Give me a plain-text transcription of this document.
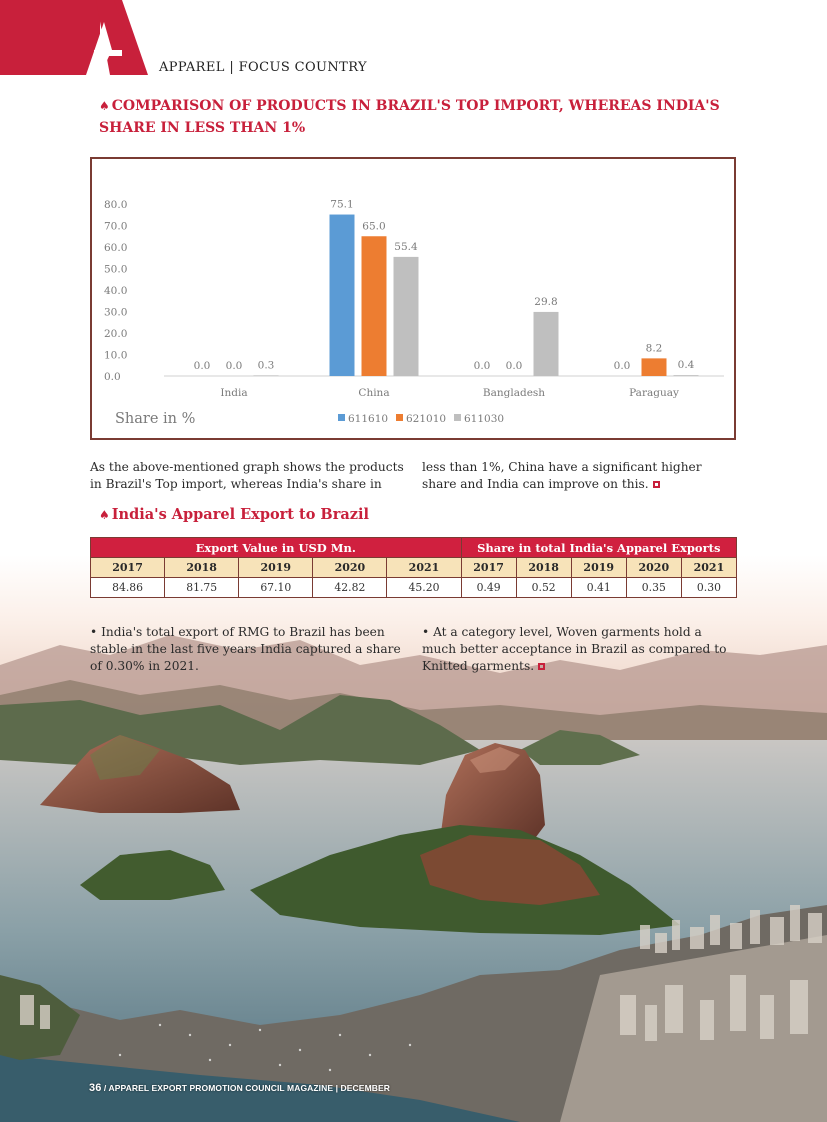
APPAREL | FOCUS COUNTRY
♠ COMPARISON OF PRODUCTS IN BRAZIL'S TOP IMPORT, WHEREAS INDIA'S SHARE IN LESS THAN 1%
0.0
10.0
20.0
30.0
40.0
50.0
60.0
70.0
80.0
0.0 0.0 0.3
India
75.1
65.0
55.4
China
0.0 0.0
29.8
Bangladesh
0.0
8.2
0.4
Paraguay
Share in %	611610 621010 611030
As the above-mentioned graph shows the products in Brazil's Top import, whereas India's share in
less than 1%, China have a significant higher share and India can improve on this.
♠ India's Apparel Export to Brazil
Export Value in USD Mn.					Share in total India's Apparel Exports				
2017	2018	2019	2020	2021	2017	2018	2019	2020	2021
84.86	81.75	67.10	42.82	45.20	0.49	0.52	0.41	0.35	0.30
• India's total export of RMG to Brazil has been stable in the last five years India captured a share of 0.30% in 2021.
• At a category level, Woven garments hold a much better acceptance in Brazil as compared to Knitted garments.
36 / APPAREL EXPORT PROMOTION COUNCIL MAGAZINE | DECEMBER
